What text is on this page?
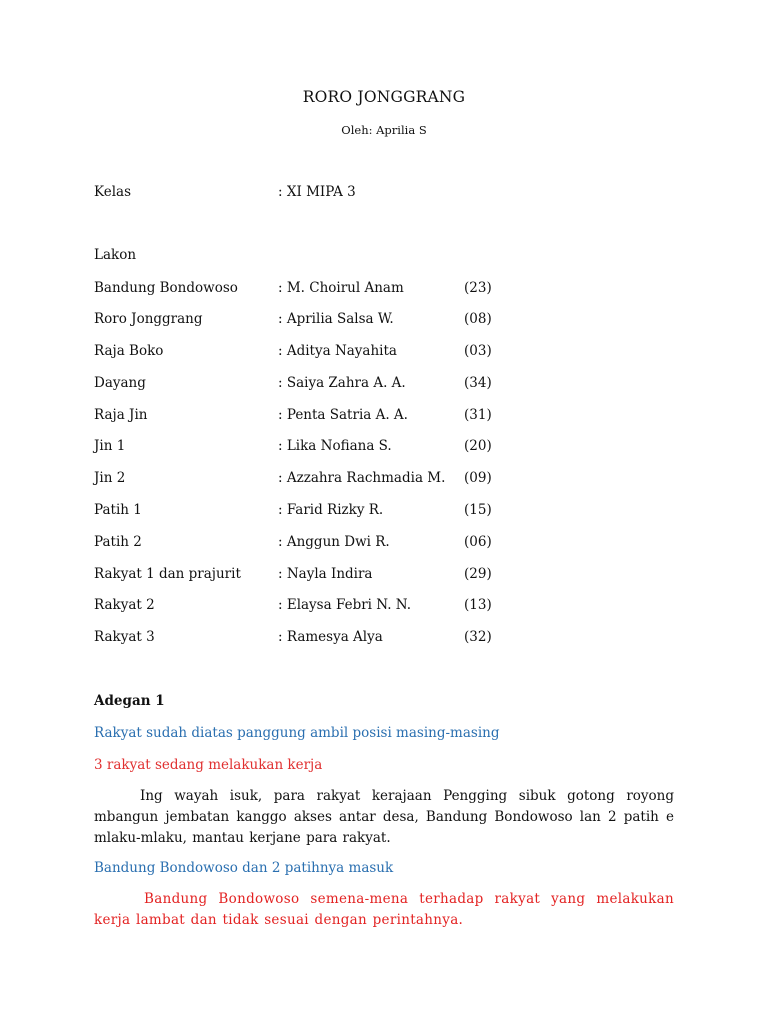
RORO JONGGRANG
Oleh: Aprilia S
Kelas	: XI MIPA 3
Lakon
Bandung Bondowoso	: M. Choirul Anam	(23)
Roro Jonggrang	: Aprilia Salsa W.	(08)
Raja Boko	: Aditya Nayahita	(03)
Dayang	: Saiya Zahra A. A.	(34)
Raja Jin	: Penta Satria A. A.	(31)
Jin 1	: Lika Nofiana S.	(20)
Jin 2	: Azzahra Rachmadia M. (09)
Patih 1	: Farid Rizky R.	(15)
Patih 2	: Anggun Dwi R.	(06)
Rakyat 1 dan prajurit	: Nayla Indira	(29)
Rakyat 2	: Elaysa Febri N. N.	(13)
Rakyat 3	: Ramesya Alya	(32)
Adegan 1
Rakyat sudah diatas panggung ambil posisi masing-masing
3 rakyat sedang melakukan kerja
Ing wayah isuk, para rakyat kerajaan Pengging sibuk gotong royong mbangun jembatan kanggo akses antar desa, Bandung Bondowoso lan 2 patih e mlaku-mlaku, mantau kerjane para rakyat.
Bandung Bondowoso dan 2 patihnya masuk
Bandung Bondowoso semena-mena terhadap rakyat yang melakukan kerja lambat dan tidak sesuai dengan perintahnya.
